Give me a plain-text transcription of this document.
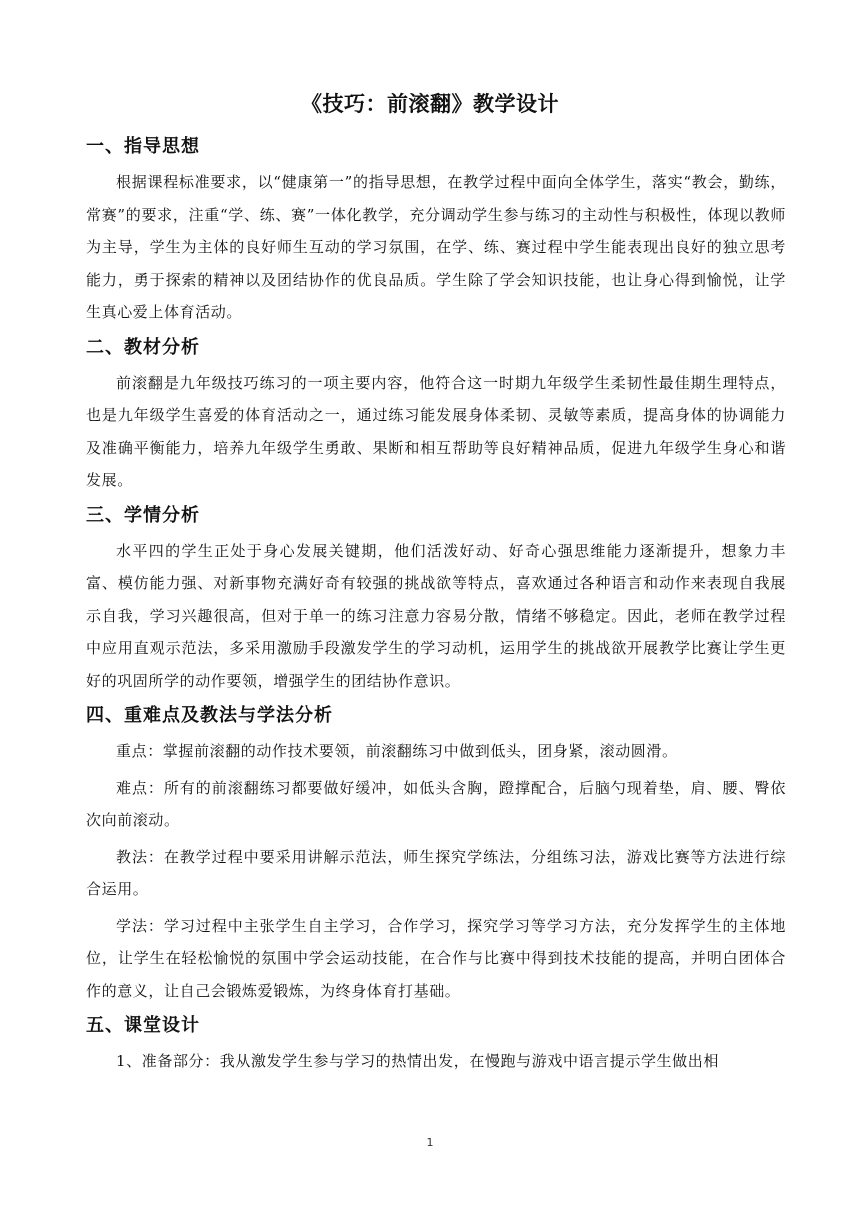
《技巧：前滚翻》教学设计
一、指导思想

根据课程标准要求，以“健康第一”的指导思想，在教学过程中面向全体学生，落实“教会，勤练，常赛”的要求，注重“学、练、赛”一体化教学，充分调动学生参与练习的主动性与积极性，体现以教师为主导，学生为主体的良好师生互动的学习氛围，在学、练、赛过程中学生能表现出良好的独立思考能力，勇于探索的精神以及团结协作的优良品质。学生除了学会知识技能，也让身心得到愉悦，让学生真心爱上体育活动。

二、教材分析

前滚翻是九年级技巧练习的一项主要内容，他符合这一时期九年级学生柔韧性最佳期生理特点，也是九年级学生喜爱的体育活动之一，通过练习能发展身体柔韧、灵敏等素质，提高身体的协调能力及准确平衡能力，培养九年级学生勇敢、果断和相互帮助等良好精神品质，促进九年级学生身心和谐发展。

三、学情分析

水平四的学生正处于身心发展关键期，他们活泼好动、好奇心强思维能力逐渐提升，想象力丰富、模仿能力强、对新事物充满好奇有较强的挑战欲等特点，喜欢通过各种语言和动作来表现自我展示自我，学习兴趣很高，但对于单一的练习注意力容易分散，情绪不够稳定。因此，老师在教学过程中应用直观示范法，多采用激励手段激发学生的学习动机，运用学生的挑战欲开展教学比赛让学生更好的巩固所学的动作要领，增强学生的团结协作意识。

四、重难点及教法与学法分析

重点：掌握前滚翻的动作技术要领，前滚翻练习中做到低头，团身紧，滚动圆滑。

难点：所有的前滚翻练习都要做好缓冲，如低头含胸，蹬撑配合，后脑勺现着垫，肩、腰、臀依次向前滚动。

教法：在教学过程中要采用讲解示范法，师生探究学练法，分组练习法，游戏比赛等方法进行综合运用。

学法：学习过程中主张学生自主学习，合作学习，探究学习等学习方法，充分发挥学生的主体地位，让学生在轻松愉悦的氛围中学会运动技能，在合作与比赛中得到技术技能的提高，并明白团体合作的意义，让自己会锻炼爱锻炼，为终身体育打基础。

五、课堂设计

1、准备部分：我从激发学生参与学习的热情出发，在慢跑与游戏中语言提示学生做出相

1
